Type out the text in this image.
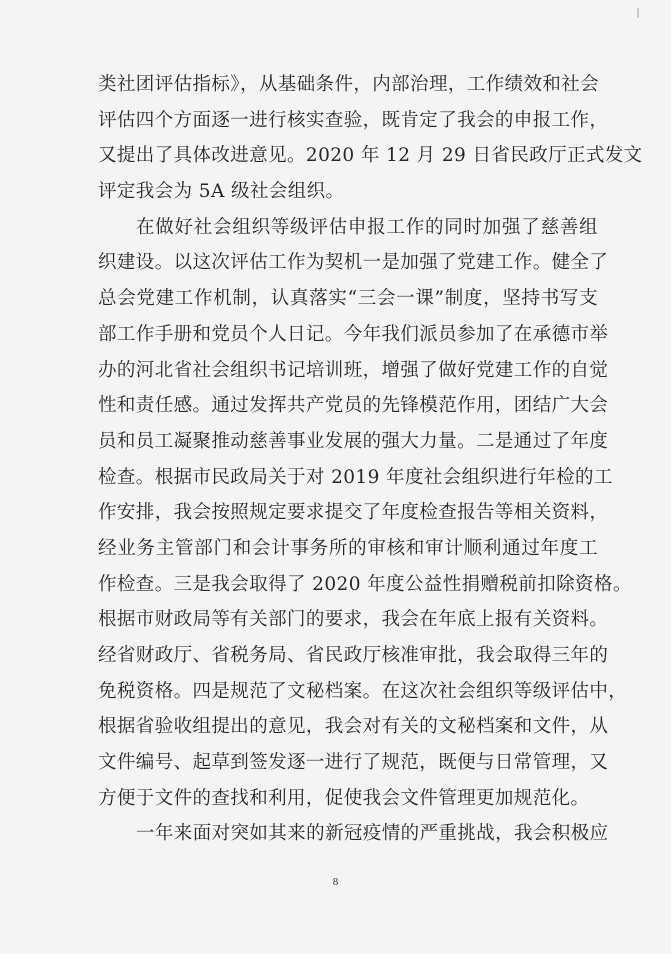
类社团评估指标》，从基础条件，内部治理，工作绩效和社会
评估四个方面逐一进行核实查验，既肯定了我会的申报工作，
又提出了具体改进意见。2020 年 12 月 29 日省民政厅正式发文
评定我会为 5A 级社会组织。
在做好社会组织等级评估申报工作的同时加强了慈善组
织建设。以这次评估工作为契机一是加强了党建工作。健全了
总会党建工作机制，认真落实“三会一课”制度，坚持书写支
部工作手册和党员个人日记。今年我们派员参加了在承德市举
办的河北省社会组织书记培训班，增强了做好党建工作的自觉
性和责任感。通过发挥共产党员的先锋模范作用，团结广大会
员和员工凝聚推动慈善事业发展的强大力量。二是通过了年度
检查。根据市民政局关于对 2019 年度社会组织进行年检的工
作安排，我会按照规定要求提交了年度检查报告等相关资料，
经业务主管部门和会计事务所的审核和审计顺利通过年度工
作检查。三是我会取得了 2020 年度公益性捐赠税前扣除资格。
根据市财政局等有关部门的要求，我会在年底上报有关资料。
经省财政厅、省税务局、省民政厅核准审批，我会取得三年的
免税资格。四是规范了文秘档案。在这次社会组织等级评估中，
根据省验收组提出的意见，我会对有关的文秘档案和文件，从
文件编号、起草到签发逐一进行了规范，既便与日常管理，又
方便于文件的查找和利用，促使我会文件管理更加规范化。
一年来面对突如其来的新冠疫情的严重挑战，我会积极应
8
